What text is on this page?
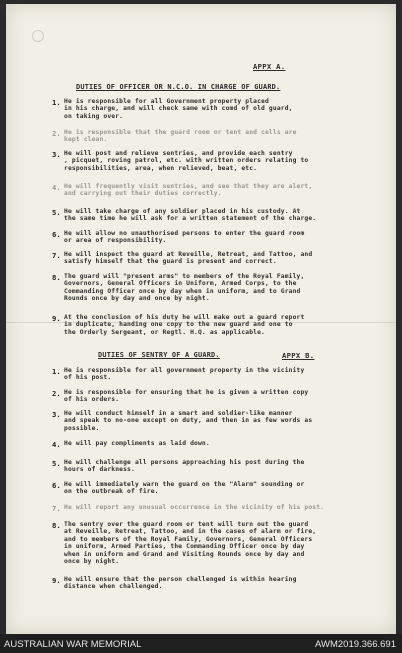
APPX A.
DUTIES OF OFFICER OR N.C.O. IN CHARGE OF GUARD.
1. He is responsible for all Government property placed
in his charge, and will check same with comd of old guard,
on taking over.
2. He is responsible that the guard room or tent and cells are
kept clean.
3. He will post and relieve sentries, and provide each sentry
, picquet, roving patrol, etc. with written orders relating to
responsibilities, area, when relieved, beat, etc.
4. He will frequently visit sentries, and see that they are alert,
and carrying out their duties correctly.
5. He will take charge of any soldier placed in his custody. At
the same time he will ask for a written statement of the charge.
6. He will allow no unauthorised persons to enter the guard room
or area of responsibility.
7. He will inspect the guard at Reveille, Retreat, and Tattoo, and
satisfy himself that the guard is present and correct.
8. The guard will "present arms" to members of the Royal Family,
Governors, General Officers in Uniform, Armed Corps, to the
Commanding Officer once by day when in uniform, and to Grand
Rounds once by day and once by night.
9. At the conclusion of his duty he will make out a guard report
in duplicate, handing one copy to the new guard and one to
the Orderly Sergeant, or Regtl. H.Q. as applicable.
DUTIES OF SENTRY OF A GUARD.	APPX B.
1. He is responsible for all government property in the vicinity
of his post.
2. He is responsible for ensuring that he is given a written copy
of his orders.
3. He will conduct himself in a smart and soldier-like manner
and speak to no-one except on duty, and then in as few words as
possible.
4. He will pay compliments as laid down.
5. He will challenge all persons approaching his post during the
hours of darkness.
6. He will immediately warn the guard on the "Alarm" sounding or
on the outbreak of fire.
7. He will report any unusual occurrence in the vicinity of his post.
8. The sentry over the guard room or tent will turn out the guard
at Reveille, Retreat, Tattoo, and in the cases of alarm or fire,
and to members of the Royal Family, Governors, General Officers
in uniform, Armed Parties, the Commanding Officer once by day
when in uniform and Grand and Visiting Rounds once by day and
once by night.
9. He will ensure that the person challenged is within hearing
distance when challenged.
AUSTRALIAN WAR MEMORIAL	AWM2019.366.691
